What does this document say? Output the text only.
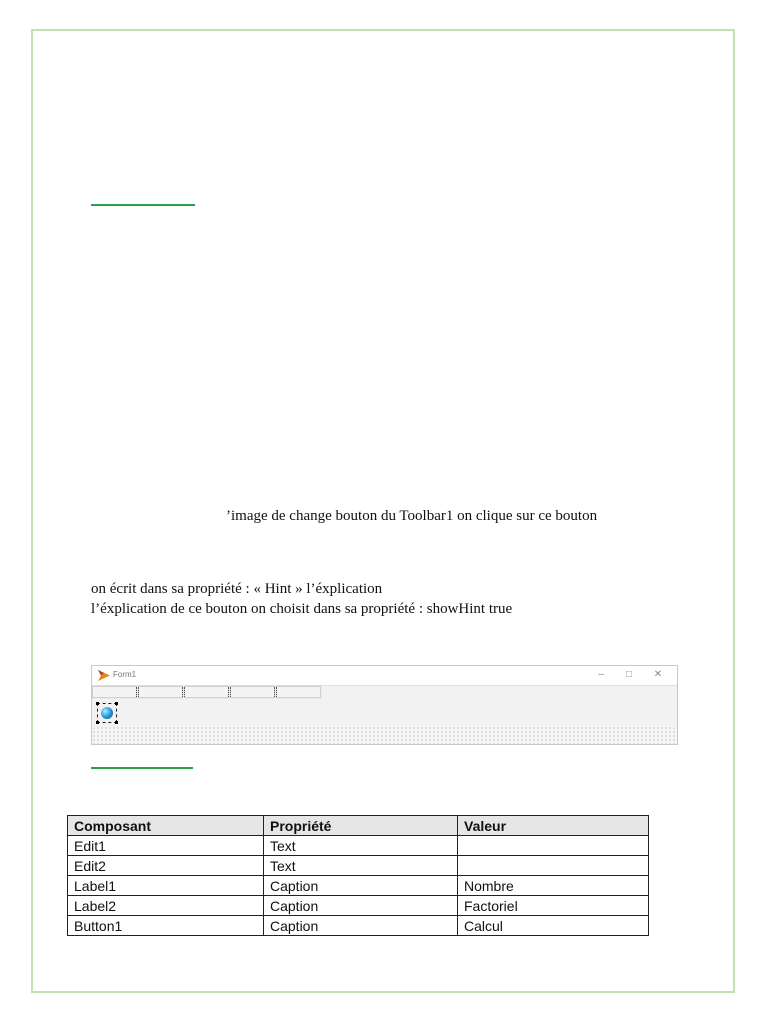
’image de change bouton du Toolbar1 on clique sur ce bouton
on écrit dans sa propriété : « Hint » l’éxplication
l’éxplication de ce bouton on choisit dans sa propriété : showHint true
Form1	–	□	✕
Composant	Propriété	Valeur
Edit1	Text	
Edit2	Text	
Label1	Caption	Nombre
Label2	Caption	Factoriel
Button1	Caption	Calcul
